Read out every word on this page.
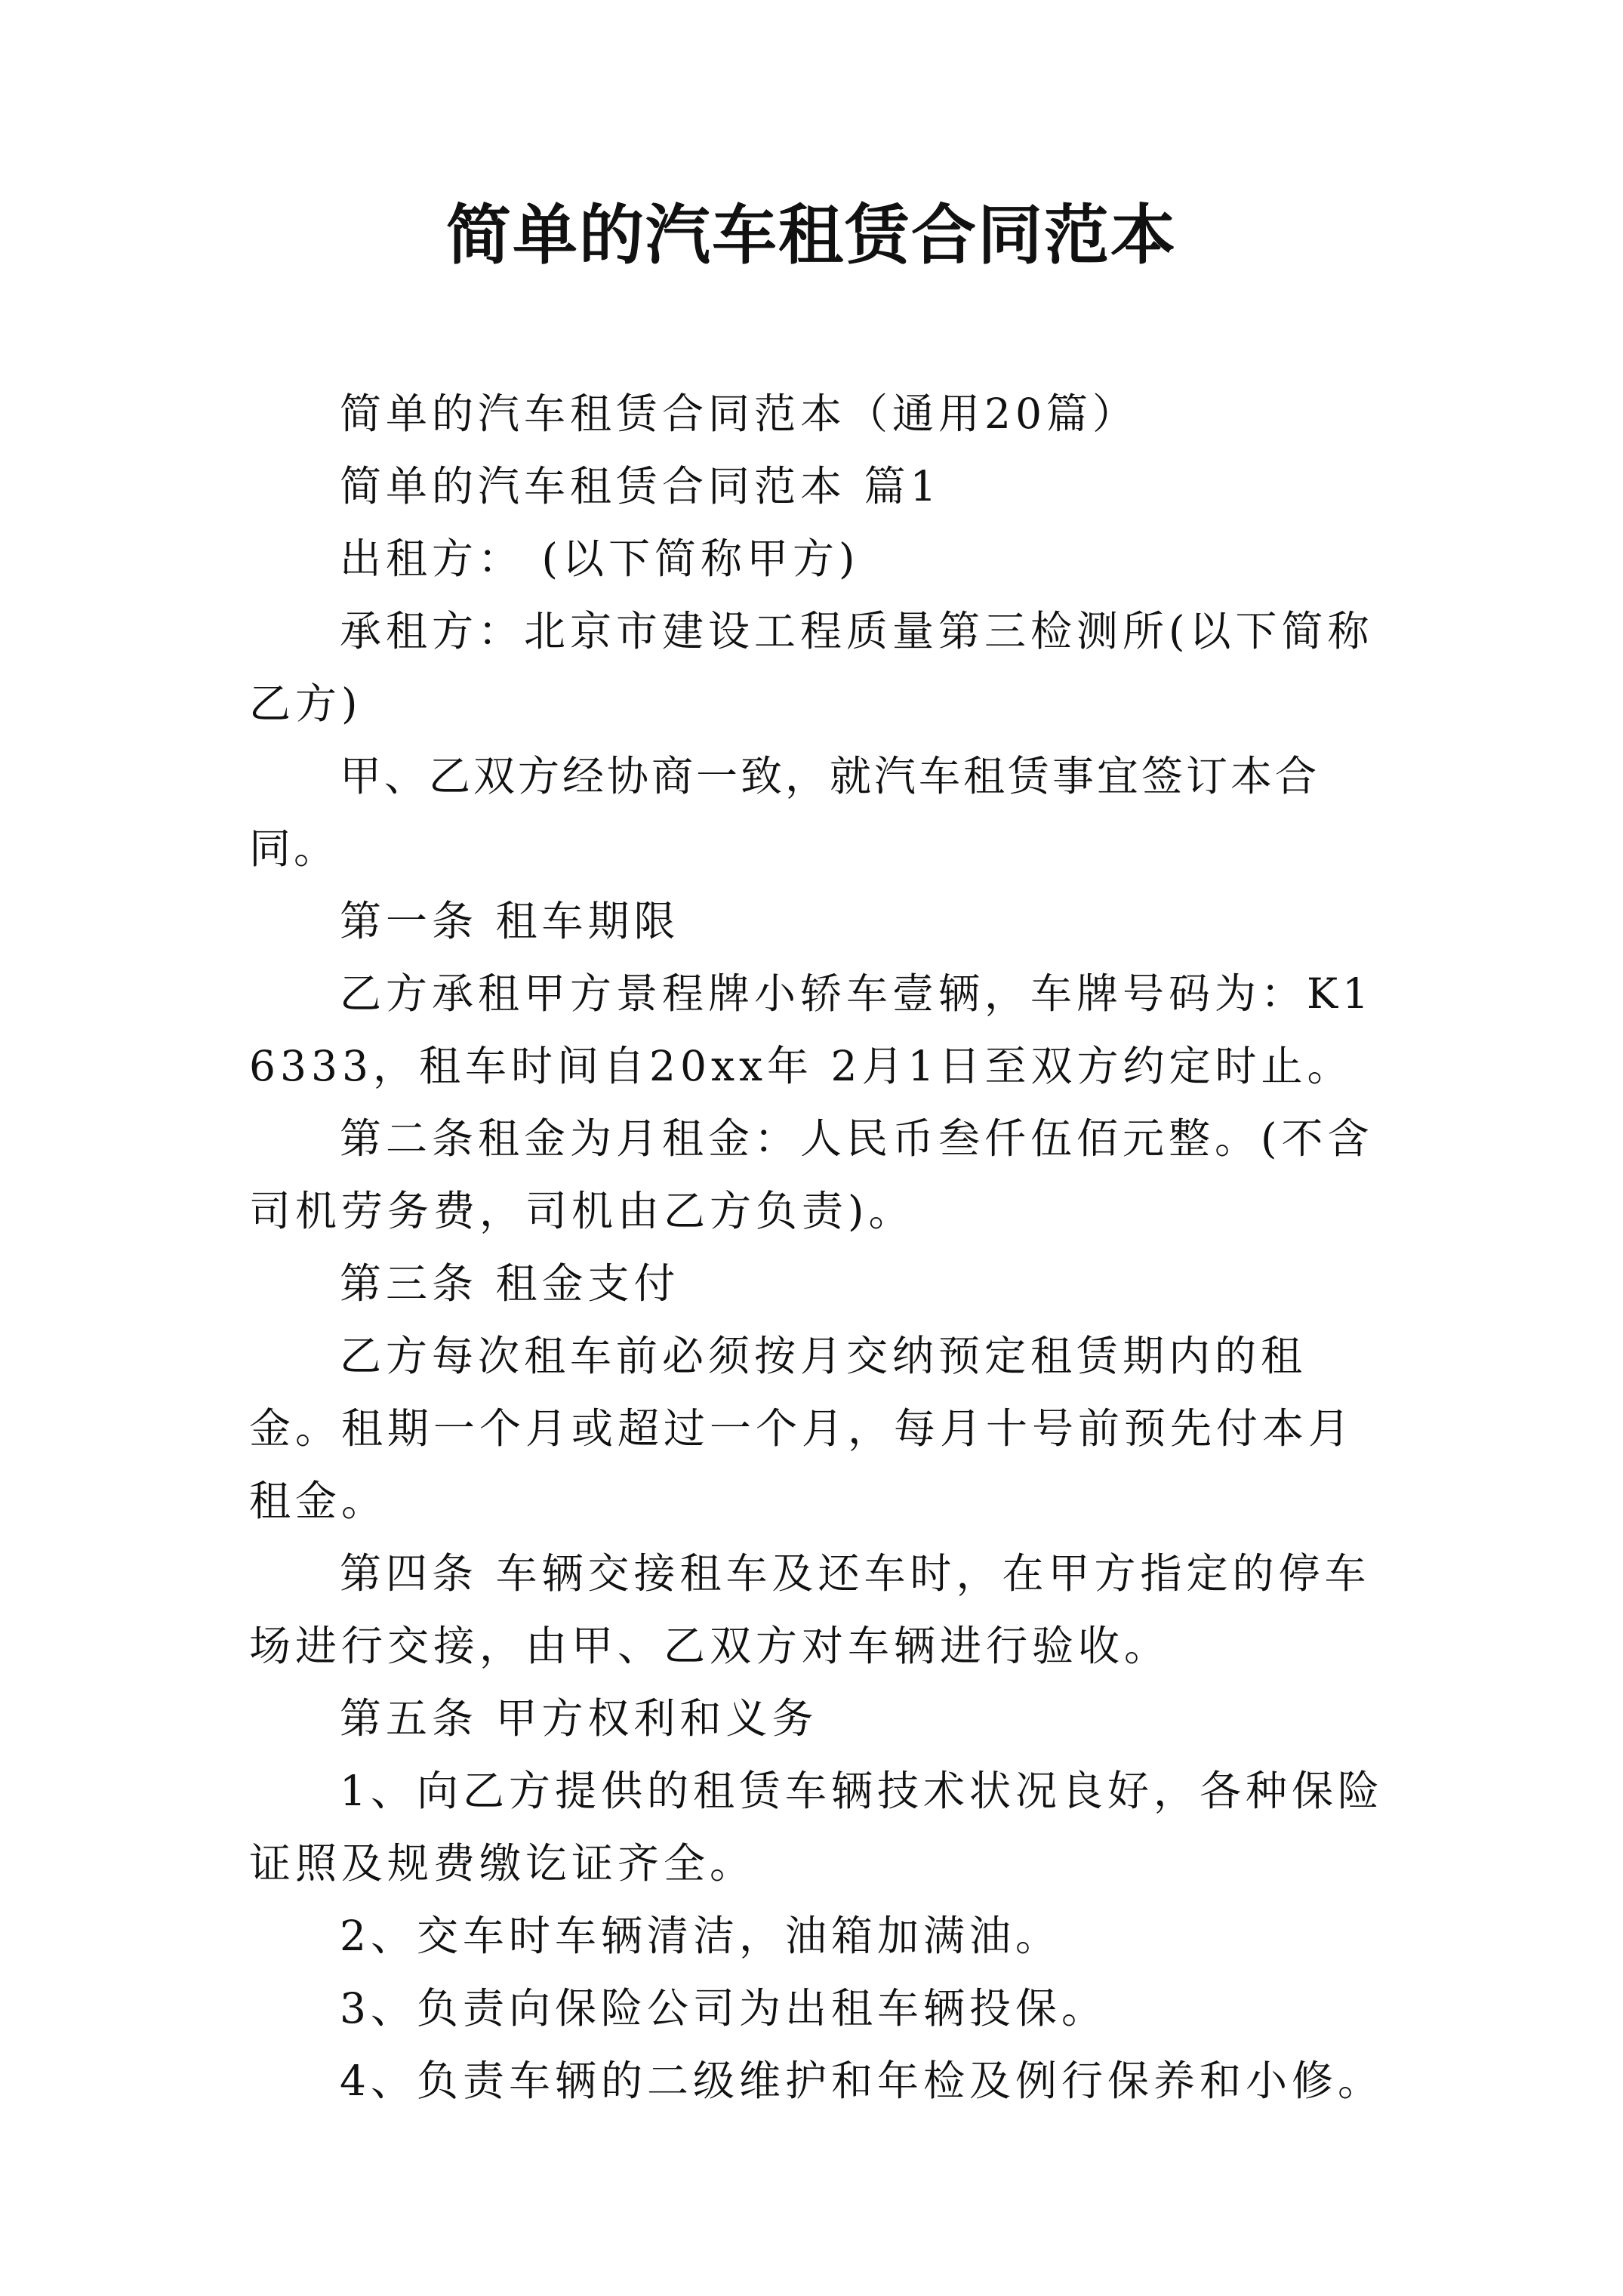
简单的汽车租赁合同范本

简单的汽车租赁合同范本（通用20篇）

简单的汽车租赁合同范本 篇1

出租方： (以下简称甲方)

承租方：北京市建设工程质量第三检测所(以下简称乙方)

甲、乙双方经协商一致，就汽车租赁事宜签订本合同。

第一条 租车期限

乙方承租甲方景程牌小轿车壹辆，车牌号码为：K16333，租车时间自20xx年 2月1日至双方约定时止。

第二条租金为月租金：人民币叁仟伍佰元整。(不含司机劳务费，司机由乙方负责)。

第三条 租金支付

乙方每次租车前必须按月交纳预定租赁期内的租金。租期一个月或超过一个月，每月十号前预先付本月租金。

第四条 车辆交接租车及还车时，在甲方指定的停车场进行交接，由甲、乙双方对车辆进行验收。

第五条 甲方权利和义务

1、向乙方提供的租赁车辆技术状况良好，各种保险证照及规费缴讫证齐全。

2、交车时车辆清洁，油箱加满油。

3、负责向保险公司为出租车辆投保。

4、负责车辆的二级维护和年检及例行保养和小修。
